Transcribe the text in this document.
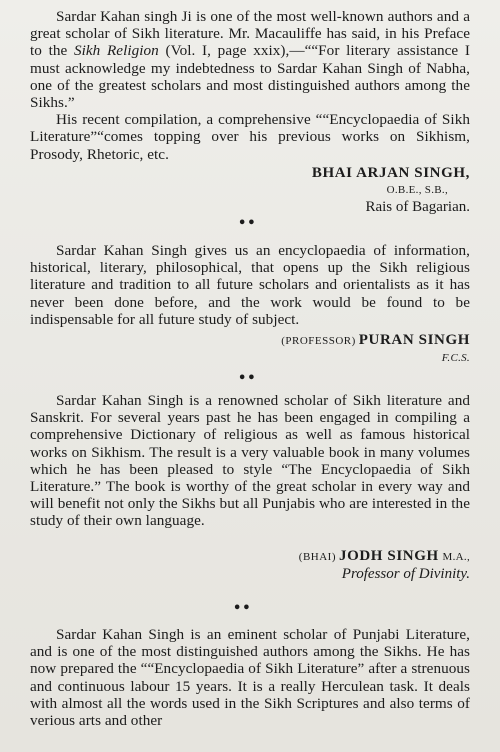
Sardar Kahan singh Ji is one of the most well-known authors and a great scholar of Sikh literature. Mr. Macauliffe has said, in his Preface to the Sikh Religion (Vol. I, page xxix),—““For literary assistance I must acknowledge my indebtedness to Sardar Kahan Singh of Nabha, one of the greatest scholars and most distinguished authors among the Sikhs.”

His recent compilation, a comprehensive ““Encyclopaedia of Sikh Literature”“comes topping over his previous works on Sikhism, Prosody, Rhetoric, etc.

BHAI ARJAN SINGH,
O.B.E., S.B.,
Rais of Bagarian.
••

Sardar Kahan Singh gives us an encyclopaedia of information, historical, literary, philosophical, that opens up the Sikh religious literature and tradition to all future scholars and orientalists as it has never been done before, and the work would be found to be indispensable for all future study of subject.

(PROFESSOR) PURAN SINGH
F.C.S.
••

Sardar Kahan Singh is a renowned scholar of Sikh literature and Sanskrit. For several years past he has been engaged in compiling a comprehensive Dictionary of religious as well as famous historical works on Sikhism. The result is a very valuable book in many volumes which he has been pleased to style “The Encyclopaedia of Sikh Literature.” The book is worthy of the great scholar in every way and will benefit not only the Sikhs but all Punjabis who are interested in the study of their own language.

(BHAI) JODH SINGH M.A.,
Professor of Divinity.
••

Sardar Kahan Singh is an eminent scholar of Punjabi Literature, and is one of the most distinguished authors among the Sikhs. He has now prepared the ““Encyclopaedia of Sikh Literature” after a strenuous and continuous labour 15 years. It is a really Herculean task. It deals with almost all the words used in the Sikh Scriptures and also terms of verious arts and other
